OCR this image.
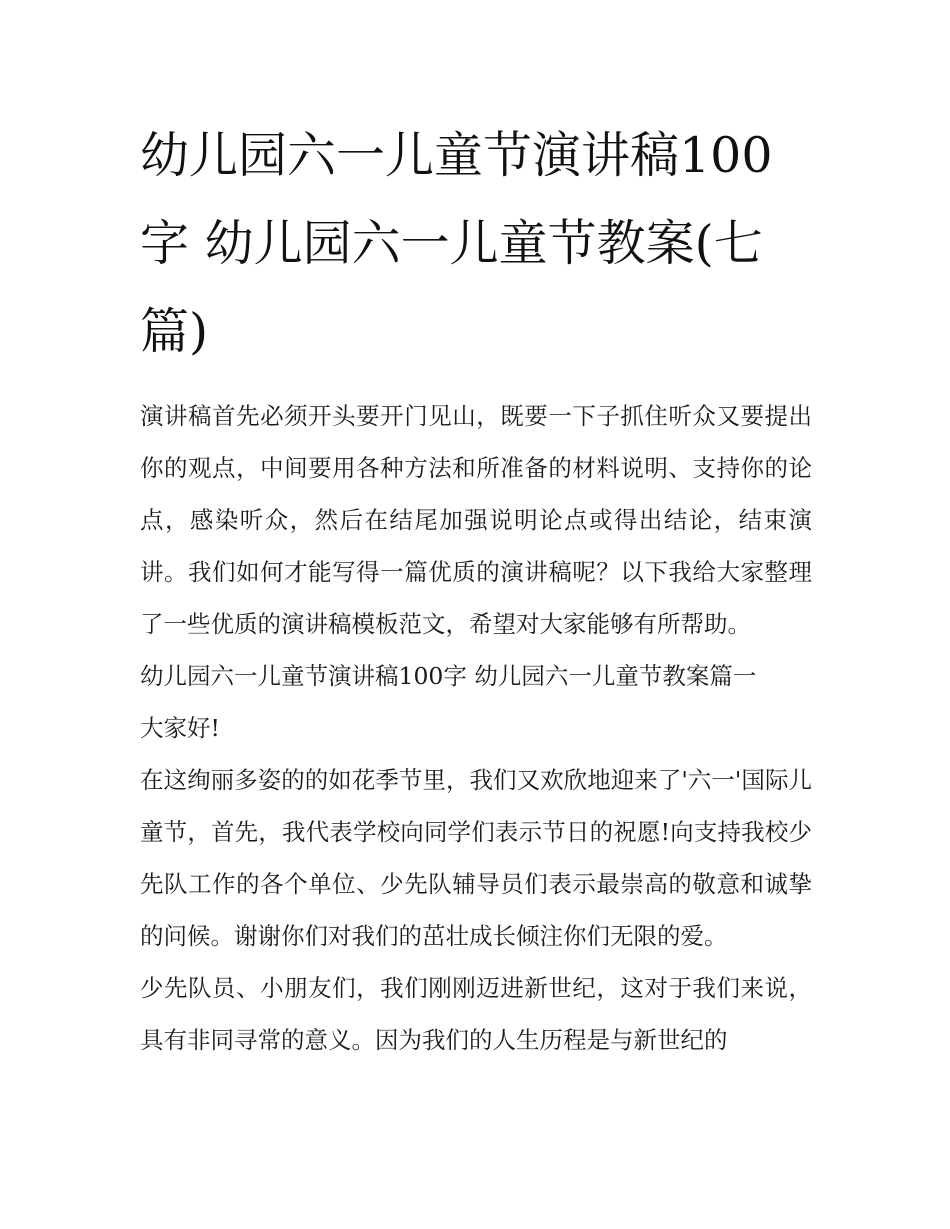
幼儿园六一儿童节演讲稿100字 幼儿园六一儿童节教案(七篇)

演讲稿首先必须开头要开门见山，既要一下子抓住听众又要提出你的观点，中间要用各种方法和所准备的材料说明、支持你的论点，感染听众，然后在结尾加强说明论点或得出结论，结束演讲。我们如何才能写得一篇优质的演讲稿呢？以下我给大家整理了一些优质的演讲稿模板范文，希望对大家能够有所帮助。

幼儿园六一儿童节演讲稿100字 幼儿园六一儿童节教案篇一

大家好!

在这绚丽多姿的的如花季节里，我们又欢欣地迎来了'六一'国际儿童节，首先，我代表学校向同学们表示节日的祝愿!向支持我校少先队工作的各个单位、少先队辅导员们表示最崇高的敬意和诚挚的问候。谢谢你们对我们的茁壮成长倾注你们无限的爱。

少先队员、小朋友们，我们刚刚迈进新世纪，这对于我们来说，具有非同寻常的意义。因为我们的人生历程是与新世纪的
